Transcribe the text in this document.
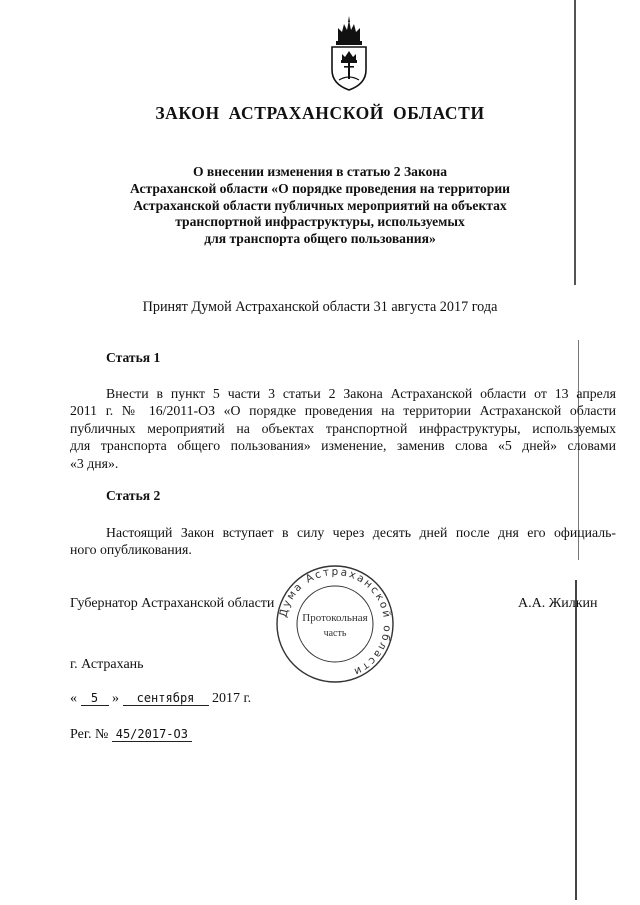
ЗАКОН АСТРАХАНСКОЙ ОБЛАСТИ
О внесении изменения в статью 2 Закона
Астраханской области «О порядке проведения на территории
Астраханской области публичных мероприятий на объектах
транспортной инфраструктуры, используемых
для транспорта общего пользования»
Принят Думой Астраханской области 31 августа 2017 года
Статья 1
Внести в пункт 5 части 3 статьи 2 Закона Астраханской области от 13 апреля
2011 г. № 16/2011-ОЗ «О порядке проведения на территории Астраханской области
публичных мероприятий на объектах транспортной инфраструктуры, используемых
для транспорта общего пользования» изменение, заменив слова «5 дней» словами
«3 дня».
Статья 2
Настоящий Закон вступает в силу через десять дней после дня его официаль-
ного опубликования.
Губернатор Астраханской области	А.А. Жилкин
Дума Астраханской области
Протокольная
часть
г. Астрахань
« 5 » сентября 2017 г.
Рег. № 45/2017-ОЗ
